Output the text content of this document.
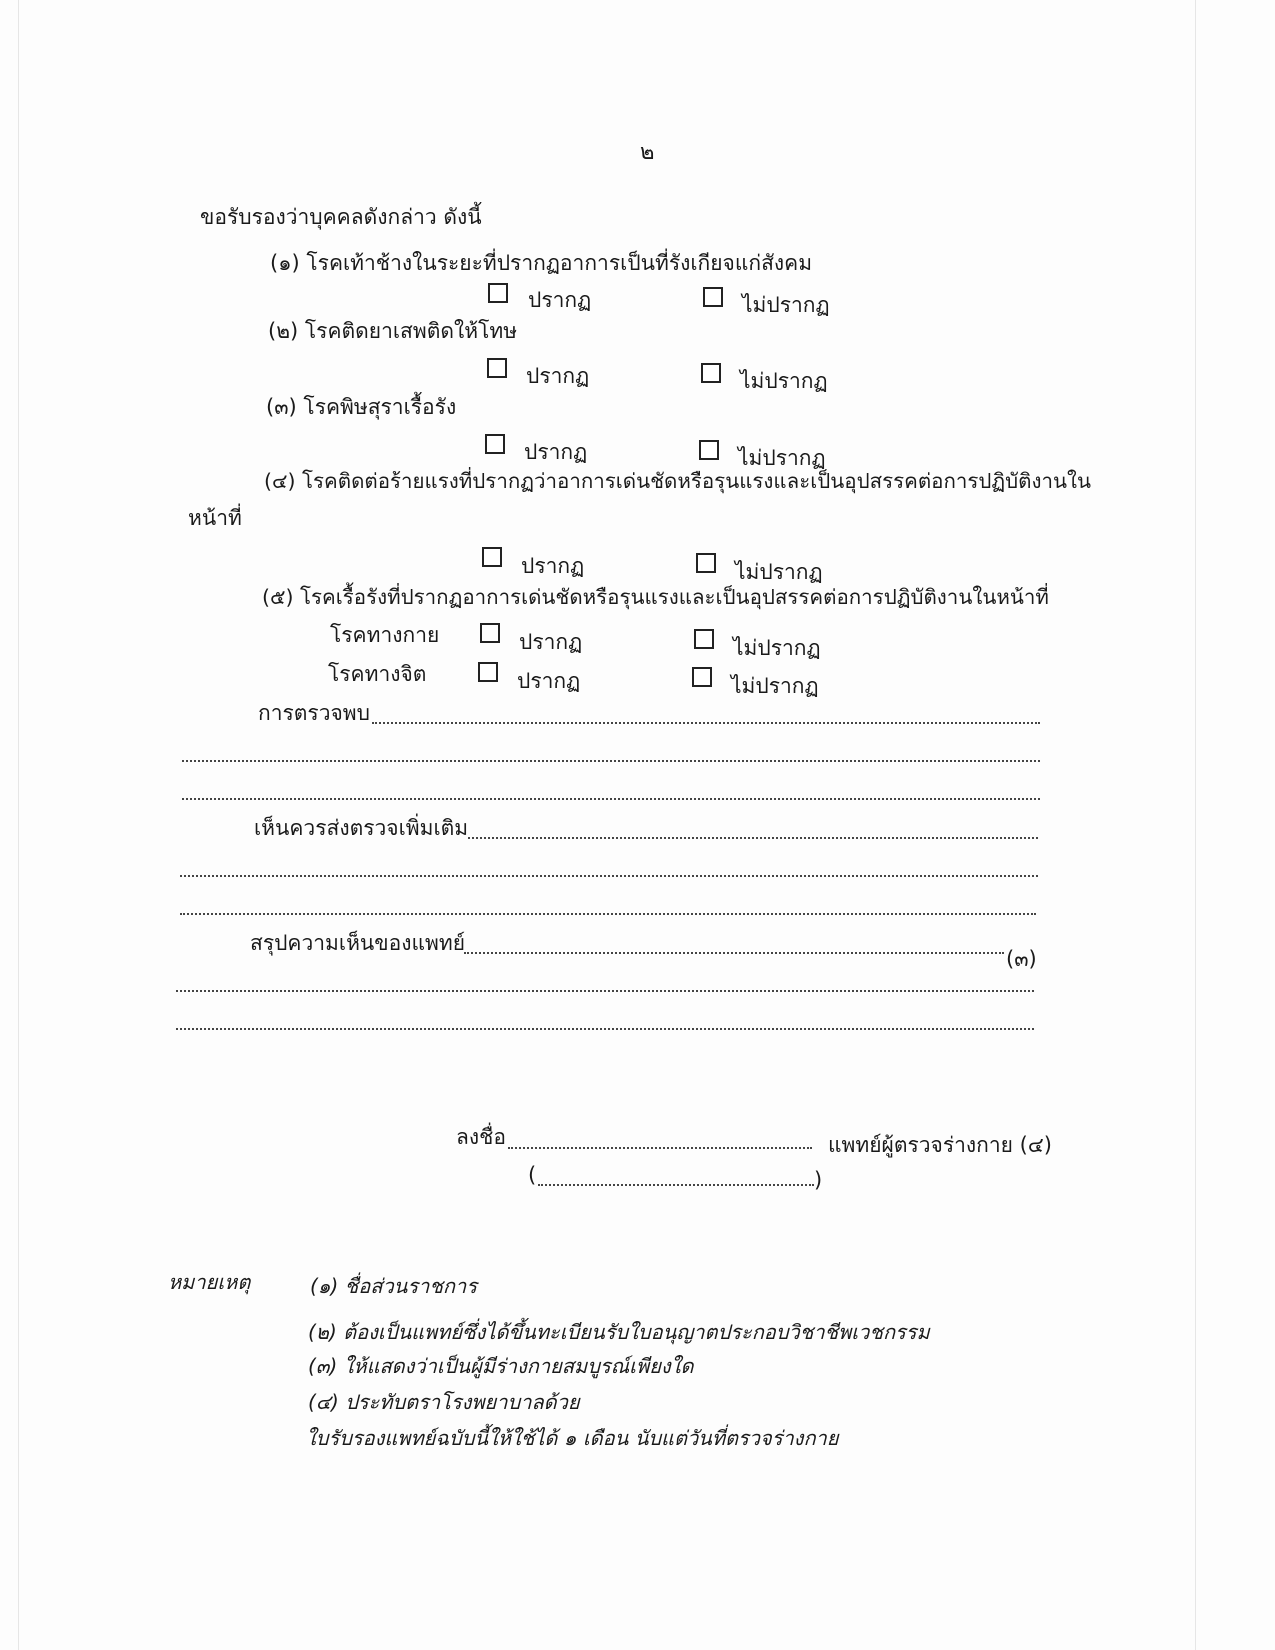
๒
ขอรับรองว่าบุคคลดังกล่าว ดังนี้
(๑) โรคเท้าช้างในระยะที่ปรากฏอาการเป็นที่รังเกียจแก่สังคม
ปรากฏ	ไม่ปรากฏ
(๒) โรคติดยาเสพติดให้โทษ
ปรากฏ	ไม่ปรากฏ
(๓) โรคพิษสุราเรื้อรัง
ปรากฏ	ไม่ปรากฏ
(๔) โรคติดต่อร้ายแรงที่ปรากฏว่าอาการเด่นชัดหรือรุนแรงและเป็นอุปสรรคต่อการปฏิบัติงานใน
หน้าที่
ปรากฏ	ไม่ปรากฏ
(๕) โรคเรื้อรังที่ปรากฏอาการเด่นชัดหรือรุนแรงและเป็นอุปสรรคต่อการปฏิบัติงานในหน้าที่
โรคทางกาย	ปรากฏ	ไม่ปรากฏ
โรคทางจิต	ปรากฏ	ไม่ปรากฏ
การตรวจพบ
เห็นควรส่งตรวจเพิ่มเติม
สรุปความเห็นของแพทย์
(๓)
ลงชื่อ	แพทย์ผู้ตรวจร่างกาย (๔)
(	)
หมายเหตุ	(๑) ชื่อส่วนราชการ
(๒) ต้องเป็นแพทย์ซึ่งได้ขึ้นทะเบียนรับใบอนุญาตประกอบวิชาชีพเวชกรรม
(๓) ให้แสดงว่าเป็นผู้มีร่างกายสมบูรณ์เพียงใด
(๔) ประทับตราโรงพยาบาลด้วย
ใบรับรองแพทย์ฉบับนี้ให้ใช้ได้ ๑ เดือน นับแต่วันที่ตรวจร่างกาย
